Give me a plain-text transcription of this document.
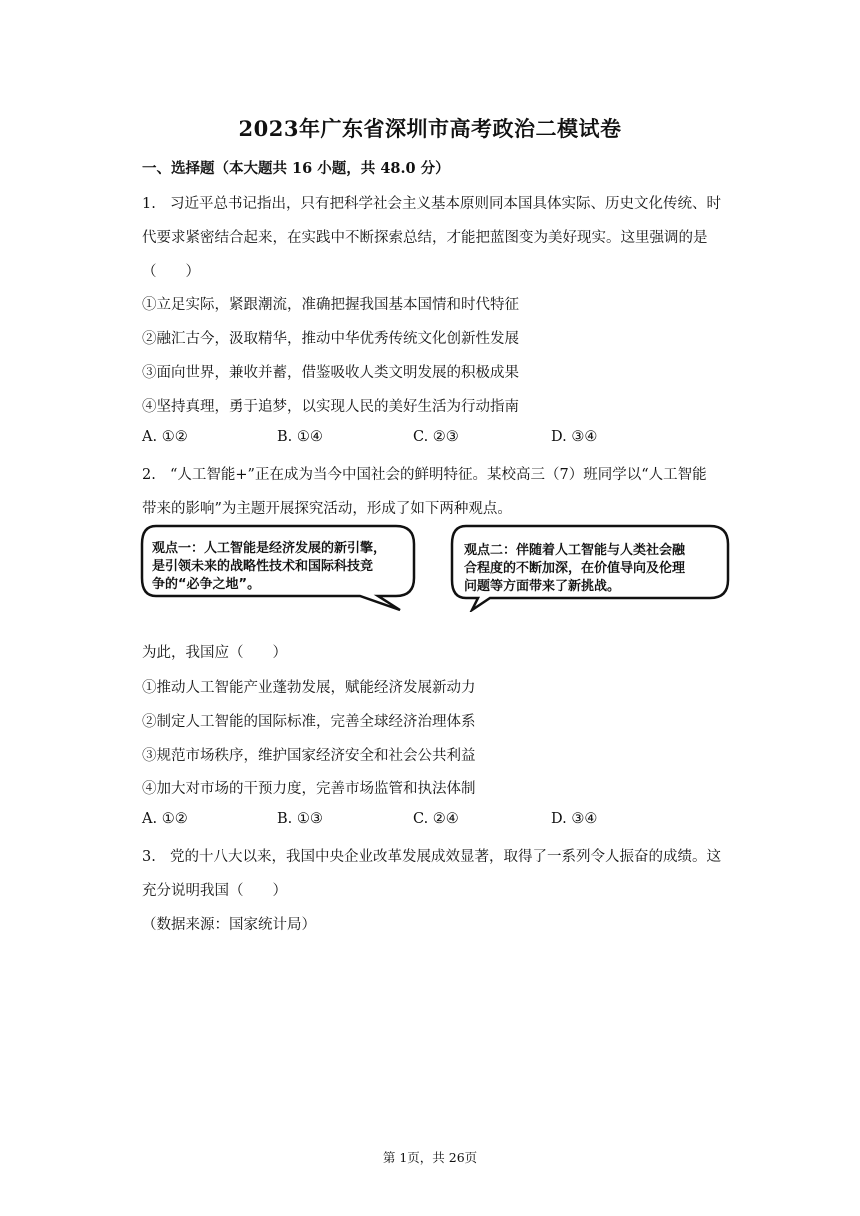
2023年广东省深圳市高考政治二模试卷
一、选择题（本大题共 16 小题，共 48.0 分）
1. 习近平总书记指出，只有把科学社会主义基本原则同本国具体实际、历史文化传统、时
代要求紧密结合起来，在实践中不断探索总结，才能把蓝图变为美好现实。这里强调的是
（　　）
①立足实际，紧跟潮流，准确把握我国基本国情和时代特征
②融汇古今，汲取精华，推动中华优秀传统文化创新性发展
③面向世界，兼收并蓄，借鉴吸收人类文明发展的积极成果
④坚持真理，勇于追梦，以实现人民的美好生活为行动指南
A. ①②	B. ①④	C. ②③	D. ③④
2. “人工智能+”正在成为当今中国社会的鲜明特征。某校高三（7）班同学以“人工智能
带来的影响”为主题开展探究活动，形成了如下两种观点。
观点一：人工智能是经济发展的新引擎，
是引领未来的战略性技术和国际科技竞
争的“必争之地”。
观点二：伴随着人工智能与人类社会融
合程度的不断加深，在价值导向及伦理
问题等方面带来了新挑战。
为此，我国应（　　）
①推动人工智能产业蓬勃发展，赋能经济发展新动力
②制定人工智能的国际标准，完善全球经济治理体系
③规范市场秩序，维护国家经济安全和社会公共利益
④加大对市场的干预力度，完善市场监管和执法体制
A. ①②	B. ①③	C. ②④	D. ③④
3. 党的十八大以来，我国中央企业改革发展成效显著，取得了一系列令人振奋的成绩。这
充分说明我国（　　）
（数据来源：国家统计局）
第 1页，共 26页
